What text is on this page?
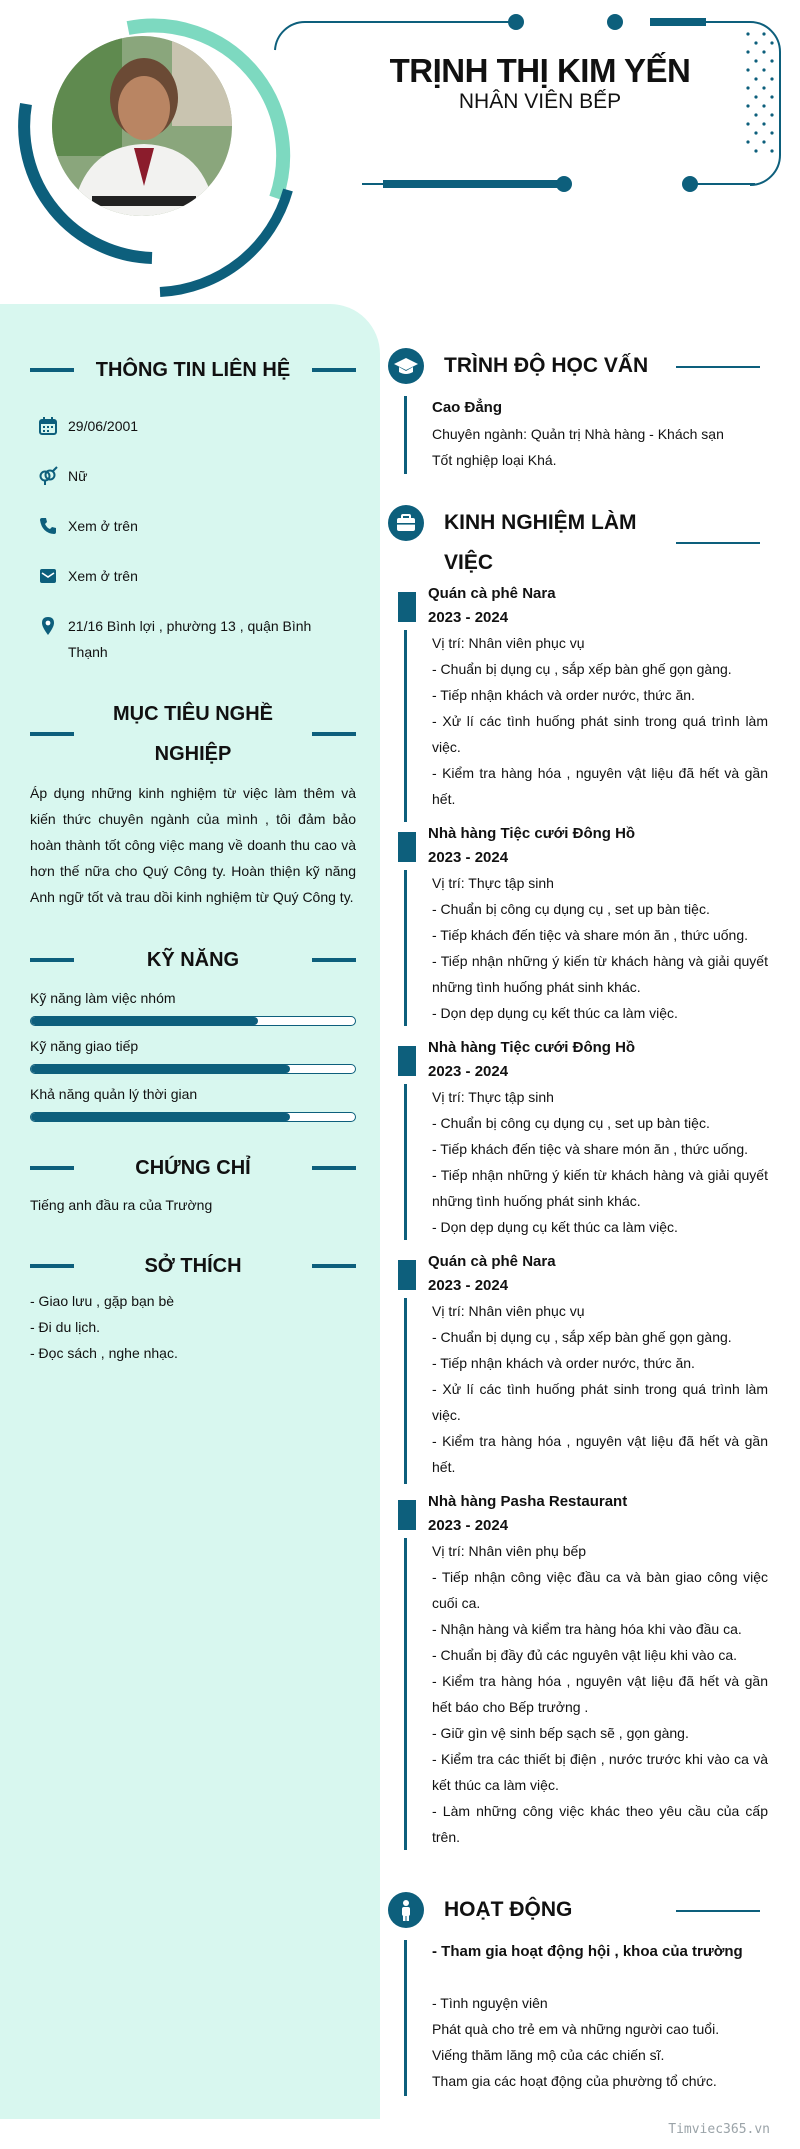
TRỊNH THỊ KIM YẾN
NHÂN VIÊN BẾP
THÔNG TIN LIÊN HỆ
29/06/2001
Nữ
Xem ở trên
Xem ở trên
21/16 Bình lợi , phường 13 , quận Bình Thạnh
MỤC TIÊU NGHỀ
NGHIỆP
Áp dụng những kinh nghiệm từ việc làm thêm và kiến thức chuyên ngành của mình , tôi đảm bảo hoàn thành tốt công việc mang về doanh thu cao và hơn thế nữa cho Quý Công ty. Hoàn thiện kỹ năng Anh ngữ tốt và trau dồi kinh nghiệm từ Quý Công ty.
KỸ NĂNG
Kỹ năng làm việc nhóm
Kỹ năng giao tiếp
Khả năng quản lý thời gian
CHỨNG CHỈ
Tiếng anh đầu ra của Trường
SỞ THÍCH
- Giao lưu , gặp bạn bè
- Đi du lịch.
- Đọc sách , nghe nhạc.
TRÌNH ĐỘ HỌC VẤN
Cao Đẳng
Chuyên ngành: Quản trị Nhà hàng - Khách sạn
Tốt nghiệp loại Khá.
KINH NGHIỆM LÀM
VIỆC
Quán cà phê Nara
2023 - 2024
Vị trí: Nhân viên phục vụ
- Chuẩn bị dụng cụ , sắp xếp bàn ghế gọn gàng.
- Tiếp nhận khách và order nước, thức ăn.
- Xử lí các tình huống phát sinh trong quá trình làm việc.
- Kiểm tra hàng hóa , nguyên vật liệu đã hết và gần hết.
Nhà hàng Tiệc cưới Đông Hồ
2023 - 2024
Vị trí: Thực tập sinh
- Chuẩn bị công cụ dụng cụ , set up bàn tiệc.
- Tiếp khách đến tiệc và share món ăn , thức uống.
- Tiếp nhận những ý kiến từ khách hàng và giải quyết những tình huống phát sinh khác.
- Dọn dẹp dụng cụ kết thúc ca làm việc.
Nhà hàng Tiệc cưới Đông Hồ
2023 - 2024
Vị trí: Thực tập sinh
- Chuẩn bị công cụ dụng cụ , set up bàn tiệc.
- Tiếp khách đến tiệc và share món ăn , thức uống.
- Tiếp nhận những ý kiến từ khách hàng và giải quyết những tình huống phát sinh khác.
- Dọn dẹp dụng cụ kết thúc ca làm việc.
Quán cà phê Nara
2023 - 2024
Vị trí: Nhân viên phục vụ
- Chuẩn bị dụng cụ , sắp xếp bàn ghế gọn gàng.
- Tiếp nhận khách và order nước, thức ăn.
- Xử lí các tình huống phát sinh trong quá trình làm việc.
- Kiểm tra hàng hóa , nguyên vật liệu đã hết và gần hết.
Nhà hàng Pasha Restaurant
2023 - 2024
Vị trí: Nhân viên phụ bếp
- Tiếp nhận công việc đầu ca và bàn giao công việc cuối ca.
- Nhận hàng và kiểm tra hàng hóa khi vào đầu ca.
- Chuẩn bị đầy đủ các nguyên vật liệu khi vào ca.
- Kiểm tra hàng hóa , nguyên vật liệu đã hết và gần hết báo cho Bếp trưởng .
- Giữ gìn vệ sinh bếp sạch sẽ , gọn gàng.
- Kiểm tra các thiết bị điện , nước trước khi vào ca và kết thúc ca làm việc.
- Làm những công việc khác theo yêu cầu của cấp trên.
HOẠT ĐỘNG
- Tham gia hoạt động hội , khoa của trường
- Tình nguyện viên
Phát quà cho trẻ em và những người cao tuổi.
Viếng thăm lăng mộ của các chiến sĩ.
Tham gia các hoạt động của phường tổ chức.
Timviec365.vn
